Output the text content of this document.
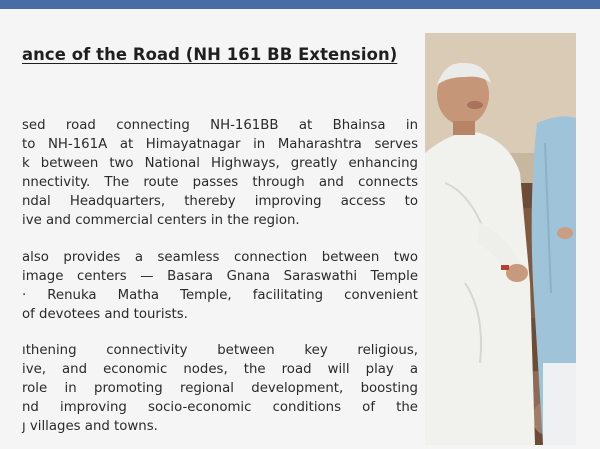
ance of the Road (NH 161 BB Extension)

sed road connecting NH-161BB at Bhainsa in
to NH-161A at Himayatnagar in Maharashtra serves
k between two National Highways, greatly enhancing
nnectivity. The route passes through and connects
ndal Headquarters, thereby improving access to
ive and commercial centers in the region.

also provides a seamless connection between two
image centers — Basara Gnana Saraswathi Temple
· Renuka Matha Temple, facilitating convenient
of devotees and tourists.

ıthening connectivity between key religious,
ive, and economic nodes, the road will play a
role in promoting regional development, boosting
nd improving socio-economic conditions of the
ȷ villages and towns.
